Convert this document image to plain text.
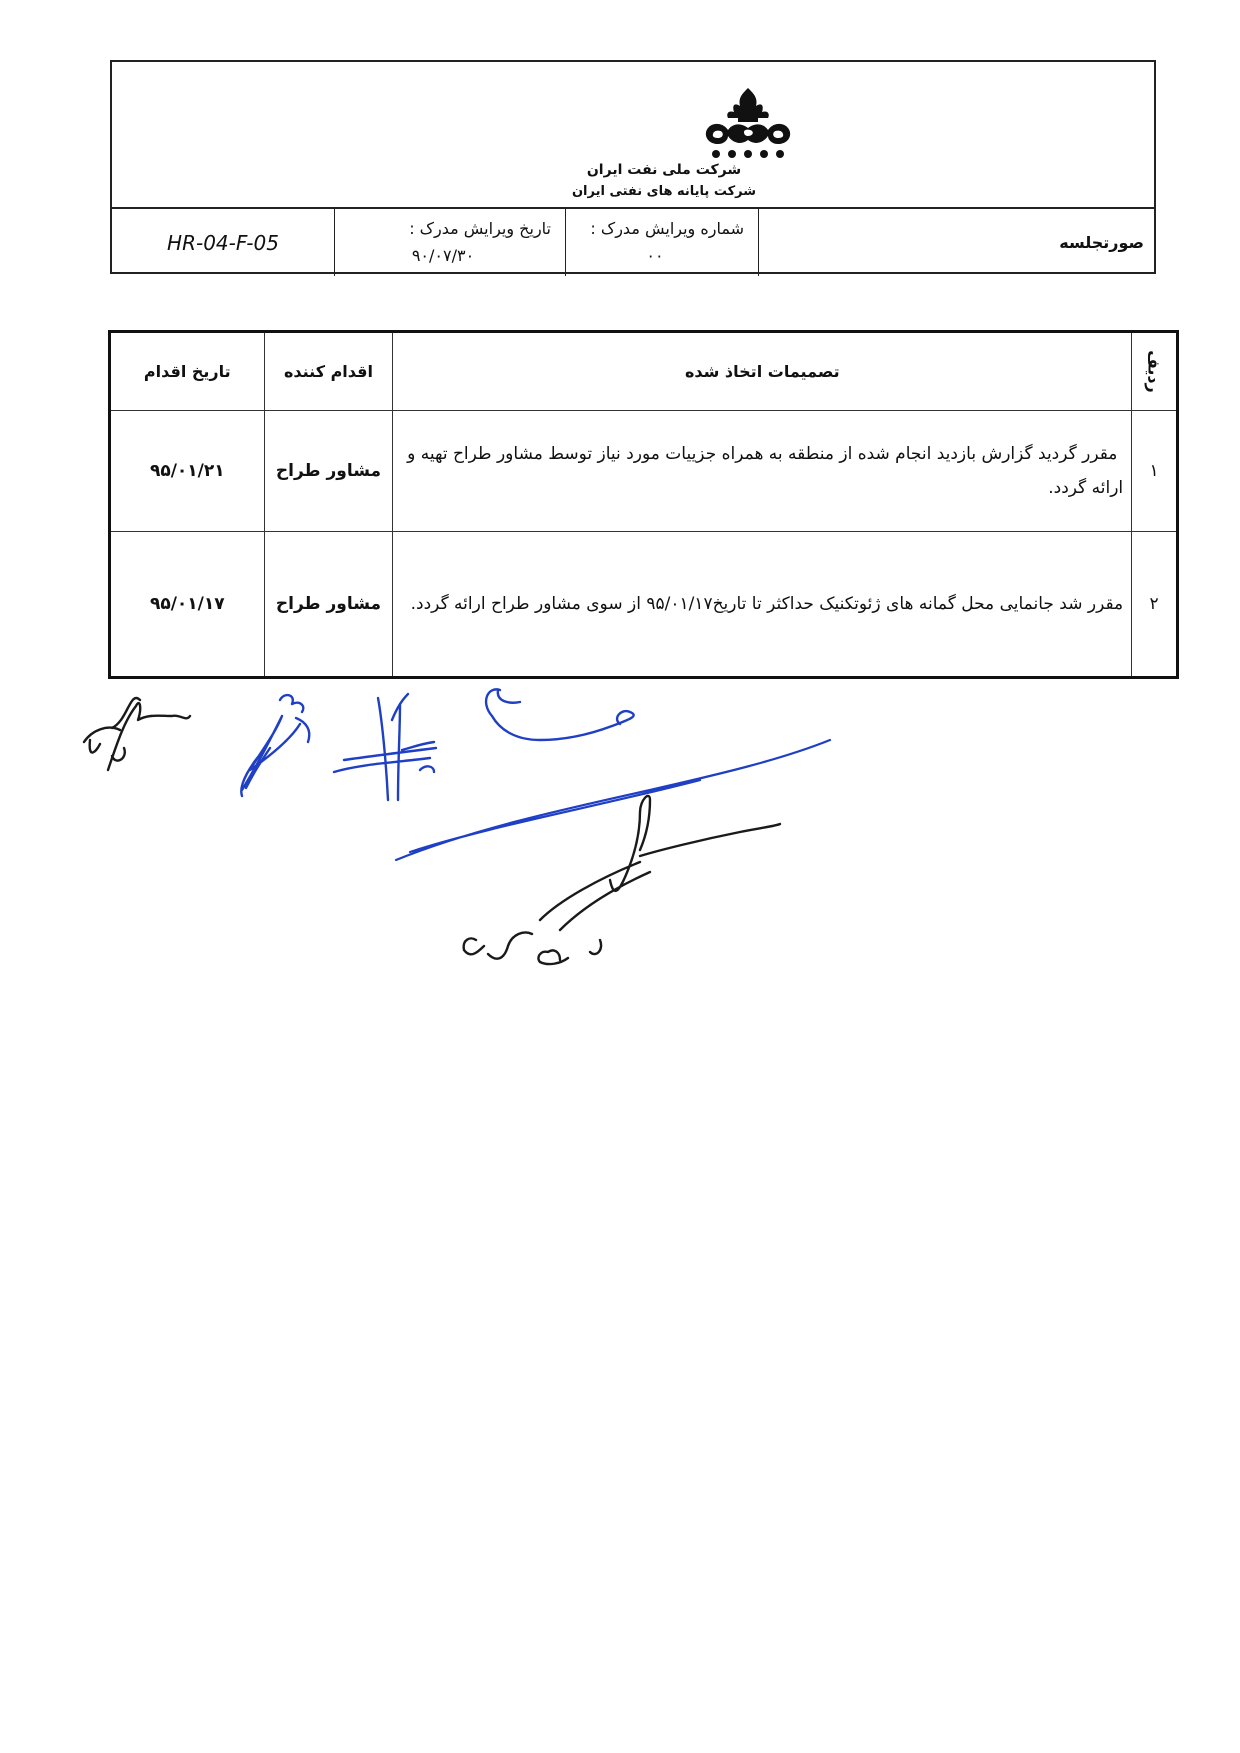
شرکت ملی نفت ایران
شرکت پایانه های نفتی ایران
صورتجلسه
شماره ویرایش مدرک :
۰۰
تاریخ ویرایش مدرک :
۹۰/۰۷/۳۰
HR-04-F-05
ردیف	تصمیمات اتخاذ شده	اقدام کننده	تاریخ اقدام
۱	مقرر گردید گزارش بازدید انجام شده از منطقه به همراه جزییات مورد نیاز توسط مشاور طراح تهیه و ارائه گردد.	مشاور طراح	۹۵/۰۱/۲۱
۲	مقرر شد جانمایی محل گمانه های ژئوتکنیک حداکثر تا تاریخ۹۵/۰۱/۱۷ از سوی مشاور طراح ارائه گردد.	مشاور طراح	۹۵/۰۱/۱۷
